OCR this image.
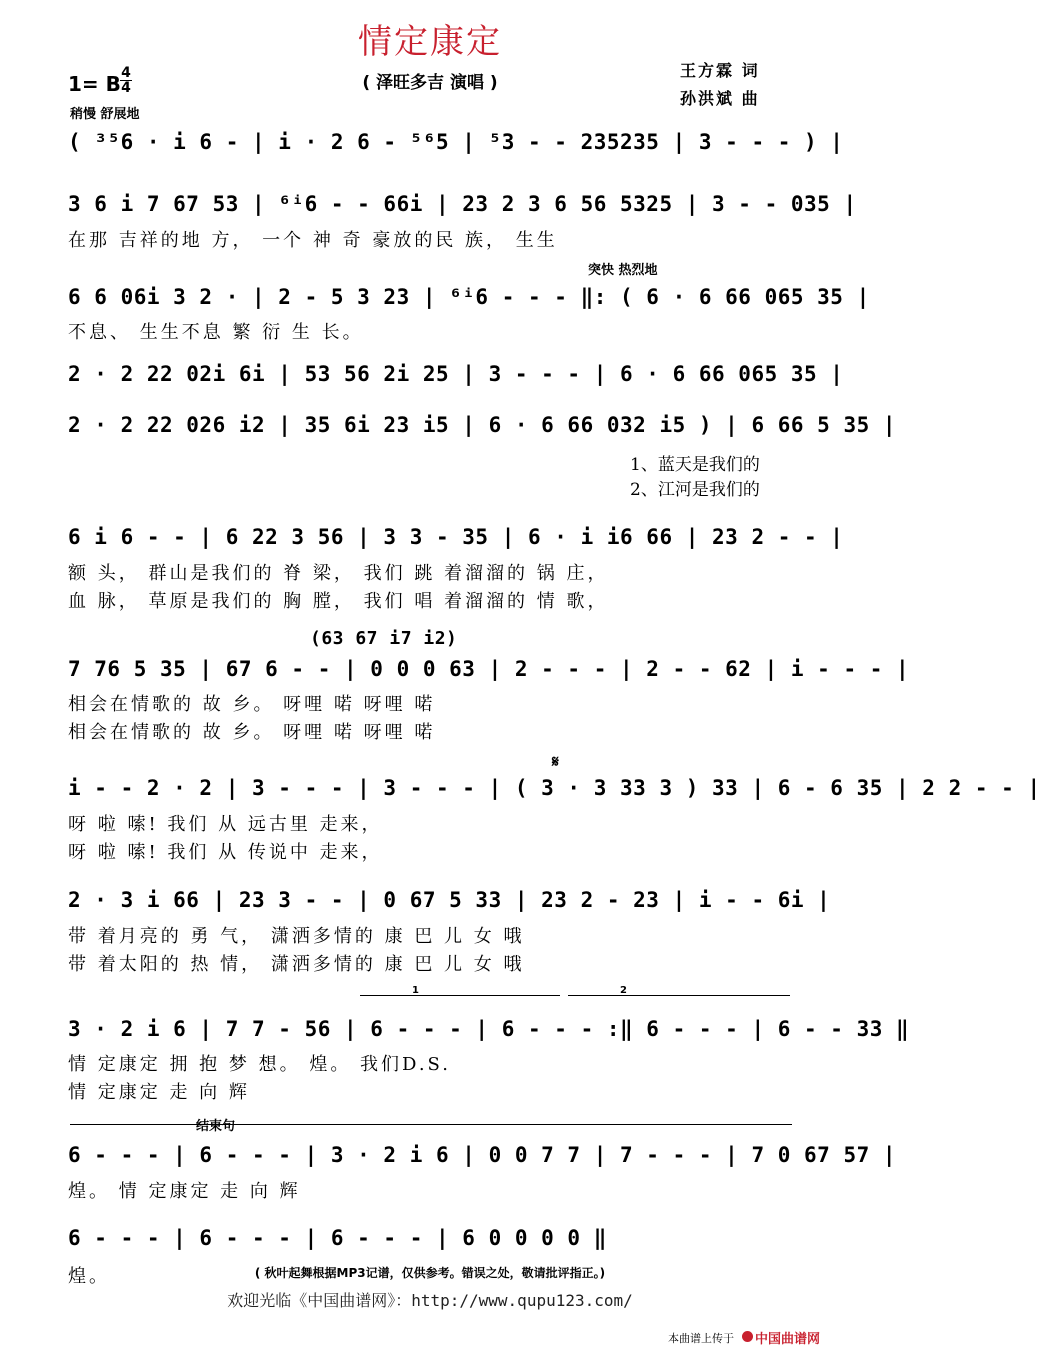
情定康定
( 泽旺多吉 演唱 )
王方霖 词
孙洪斌 曲
1= B 4
4
稍慢 舒展地
突快 热烈地
𝄋
(63 67 i7 i2)
1	2
结束句
1、蓝天是我们的
2、江河是我们的
( ³⁵6 · i 6 - | i · 2 6 - ⁵⁶5 | ⁵3 - - 235235 | 3 - - - ) |
3 6 i 7 67 53 | ⁶ⁱ6 - - 66i | 23 2 3 6 56 5325 | 3 - - 035 |
在那 吉祥的地 方， 一个 神 奇 豪放的民 族， 生生
6 6 06i 3 2 · | 2 - 5 3 23 | ⁶ⁱ6 - - - ‖: ( 6 · 6 66 065 35 |
不息、 生生不息 繁 衍 生 长。
2 · 2 22 02i 6i | 53 56 2i 25 | 3 - - - | 6 · 6 66 065 35 |
2 · 2 22 026 i2 | 35 6i 23 i5 | 6 · 6 66 032 i5 ) | 6 66 5 35 |
6 i 6 - - | 6 22 3 56 | 3 3 - 35 | 6 · i i6 66 | 23 2 - - |
额 头， 群山是我们的 脊 梁， 我们 跳 着溜溜的 锅 庄，
血 脉， 草原是我们的 胸 膛， 我们 唱 着溜溜的 情 歌，
7 76 5 35 | 67 6 - - | 0 0 0 63 | 2 - - - | 2 - - 62 | i - - - |
相会在情歌的 故 乡。 呀哩 喏 呀哩 喏
相会在情歌的 故 乡。 呀哩 喏 呀哩 喏
i - - 2 · 2 | 3 - - - | 3 - - - | ( 3 · 3 33 3 ) 33 | 6 - 6 35 | 2 2 - - |
呀 啦 嗦! 我们 从 远古里 走来，
呀 啦 嗦! 我们 从 传说中 走来，
2 · 3 i 66 | 23 3 - - | 0 67 5 33 | 23 2 - 23 | i - - 6i |
带 着月亮的 勇 气， 潇洒多情的 康 巴 儿 女 哦
带 着太阳的 热 情， 潇洒多情的 康 巴 儿 女 哦
3 · 2 i 6 | 7 7 - 56 | 6 - - - | 6 - - - :‖ 6 - - - | 6 - - 33 ‖
情 定康定 拥 抱 梦 想。 煌。 我们D.S.
情 定康定 走 向 辉
6 - - - | 6 - - - | 3 · 2 i 6 | 0 0 7 7 | 7 - - - | 7 0 67 57 |
煌。 情 定康定 走 向 辉
6 - - - | 6 - - - | 6 - - - | 6 0 0 0 0 ‖
煌。	( 秋叶起舞根据MP3记谱，仅供参考。错误之处，敬请批评指正。)
欢迎光临《中国曲谱网》：http://www.qupu123.com/
本曲谱上传于 中国曲谱网
